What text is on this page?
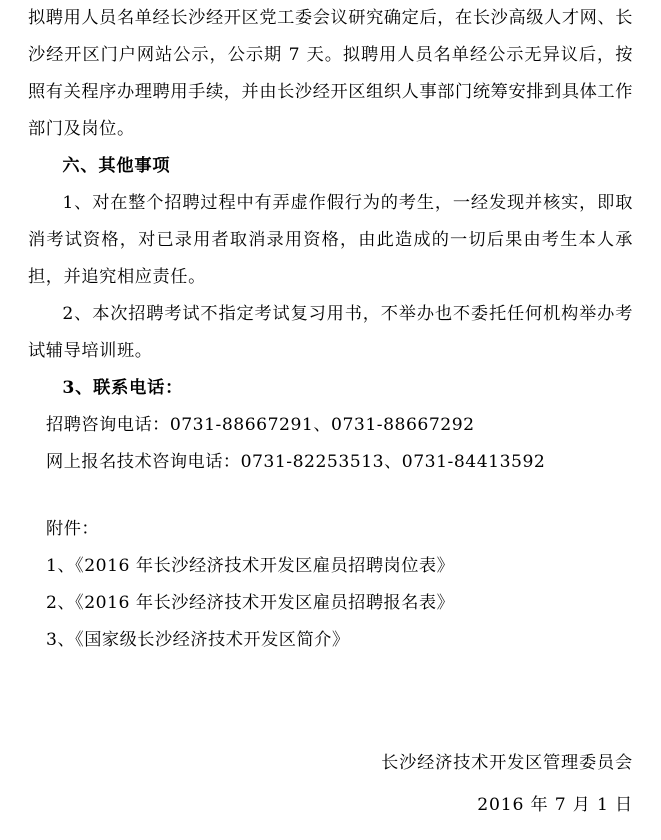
拟聘用人员名单经长沙经开区党工委会议研究确定后，在长沙高级人才网、长沙经开区门户网站公示，公示期 7 天。拟聘用人员名单经公示无异议后，按照有关程序办理聘用手续，并由长沙经开区组织人事部门统筹安排到具体工作部门及岗位。

六、其他事项

1、对在整个招聘过程中有弄虚作假行为的考生，一经发现并核实，即取消考试资格，对已录用者取消录用资格，由此造成的一切后果由考生本人承担，并追究相应责任。

2、本次招聘考试不指定考试复习用书，不举办也不委托任何机构举办考试辅导培训班。

3、联系电话：

招聘咨询电话：0731-88667291、0731-88667292

网上报名技术咨询电话：0731-82253513、0731-84413592

附件：

1、《2016 年长沙经济技术开发区雇员招聘岗位表》

2、《2016 年长沙经济技术开发区雇员招聘报名表》

3、《国家级长沙经济技术开发区简介》

长沙经济技术开发区管理委员会
2016 年 7 月 1 日
